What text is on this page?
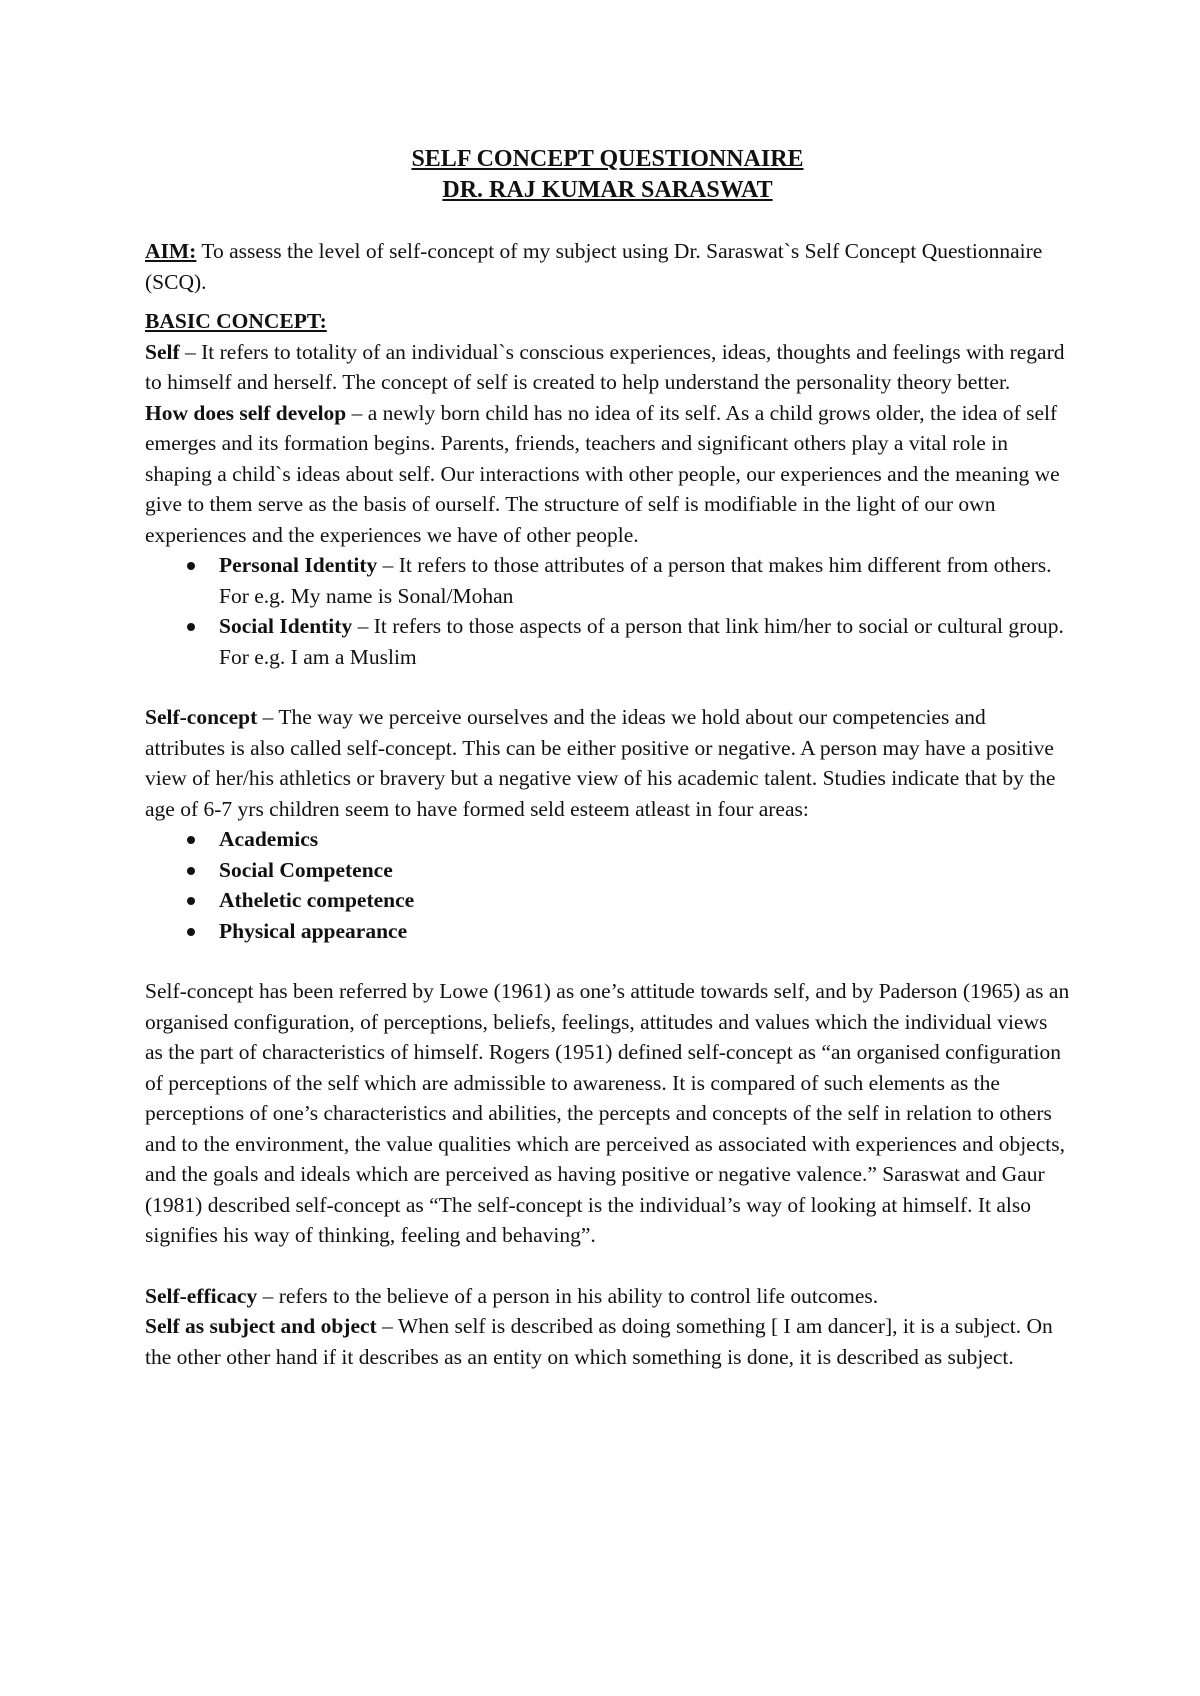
SELF CONCEPT QUESTIONNAIRE
DR. RAJ KUMAR SARASWAT

AIM: To assess the level of self-concept of my subject using Dr. Saraswat`s Self Concept Questionnaire (SCQ).

BASIC CONCEPT:

Self – It refers to totality of an individual`s conscious experiences, ideas, thoughts and feelings with regard to himself and herself. The concept of self is created to help understand the personality theory better.

How does self develop – a newly born child has no idea of its self. As a child grows older, the idea of self emerges and its formation begins. Parents, friends, teachers and significant others play a vital role in shaping a child`s ideas about self. Our interactions with other people, our experiences and the meaning we give to them serve as the basis of ourself. The structure of self is modifiable in the light of our own experiences and the experiences we have of other people.

Personal Identity – It refers to those attributes of a person that makes him different from others. For e.g. My name is Sonal/Mohan
Social Identity – It refers to those aspects of a person that link him/her to social or cultural group. For e.g. I am a Muslim

Self-concept – The way we perceive ourselves and the ideas we hold about our competencies and attributes is also called self-concept. This can be either positive or negative. A person may have a positive view of her/his athletics or bravery but a negative view of his academic talent. Studies indicate that by the age of 6-7 yrs children seem to have formed seld esteem atleast in four areas:

Academics
Social Competence
Atheletic competence
Physical appearance

Self-concept has been referred by Lowe (1961) as one’s attitude towards self, and by Paderson (1965) as an organised configuration, of perceptions, beliefs, feelings, attitudes and values which the individual views as the part of characteristics of himself. Rogers (1951) defined self-concept as “an organised configuration of perceptions of the self which are admissible to awareness. It is compared of such elements as the perceptions of one’s characteristics and abilities, the percepts and concepts of the self in relation to others and to the environment, the value qualities which are perceived as associated with experiences and objects, and the goals and ideals which are perceived as having positive or negative valence.” Saraswat and Gaur (1981) described self-concept as “The self-concept is the individual’s way of looking at himself. It also signifies his way of thinking, feeling and behaving”.

Self-efficacy – refers to the believe of a person in his ability to control life outcomes.

Self as subject and object – When self is described as doing something [ I am dancer], it is a subject. On the other other hand if it describes as an entity on which something is done, it is described as subject.
